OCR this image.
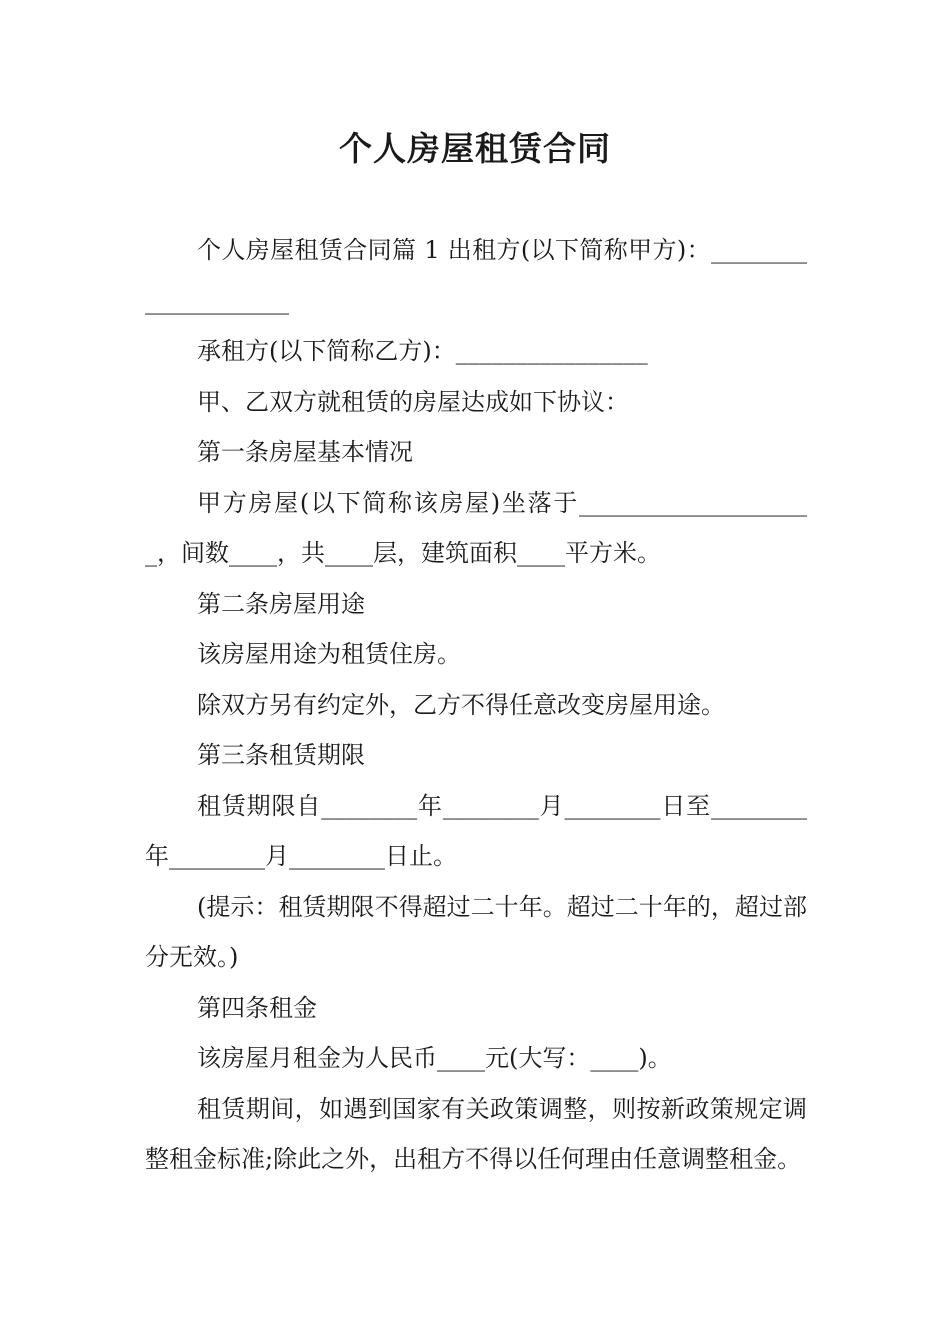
个人房屋租赁合同

个人房屋租赁合同篇 1 出租方(以下简称甲方)：____________________

承租方(以下简称乙方)：________________

甲、乙双方就租赁的房屋达成如下协议：

第一条房屋基本情况

甲方房屋(以下简称该房屋)坐落于____________________，间数____，共____层，建筑面积____平方米。

第二条房屋用途

该房屋用途为租赁住房。

除双方另有约定外，乙方不得任意改变房屋用途。

第三条租赁期限

租赁期限自________年________月________日至________年________月________日止。

(提示：租赁期限不得超过二十年。超过二十年的，超过部分无效。)

第四条租金

该房屋月租金为人民币____元(大写：____)。

租赁期间，如遇到国家有关政策调整，则按新政策规定调整租金标准;除此之外，出租方不得以任何理由任意调整租金。
